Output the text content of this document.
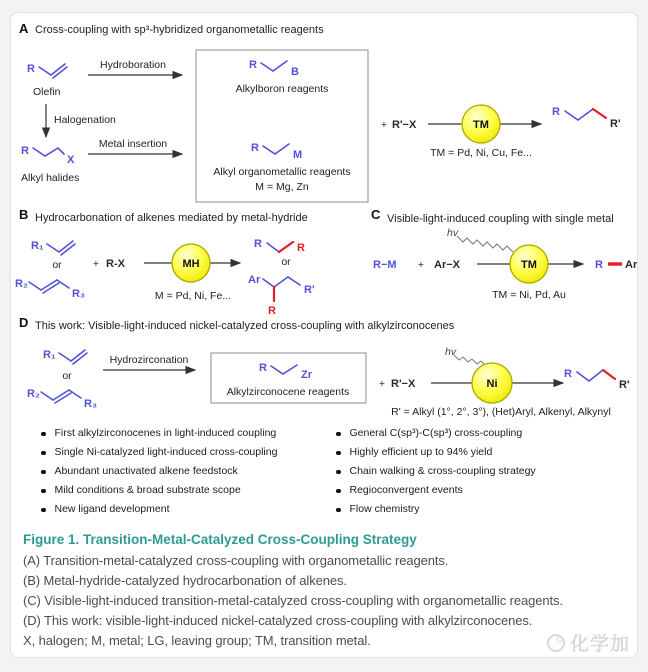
A Cross-coupling with sp³-hybridized organometallic reagents
R
Olefin
Hydroboration
Halogenation
R
X
Alkyl halides
Metal insertion
R
B
Alkylboron reagents
R
M
Alkyl organometallic reagents
M = Mg, Zn
+ R'−X	TM
TM = Pd, Ni, Cu, Fe...
R
R'
B Hydrocarbonation of alkenes mediated by metal-hydride
R₁
or
R₂
R₃
+ R-X	MH
M = Pd, Ni, Fe...
R	R
or
Ar
R'
R
C Visible-light-induced coupling with single metal
hv
R−M + Ar−X	TM
TM = Ni, Pd, Au
R Ar
D This work: Visible-light-induced nickel-catalyzed cross-coupling with alkylzirconocenes
R₁
or
R₂
R₃
Hydrozirconation
R
Zr
Alkylzirconocene reagents
+ R'−X
hv
Ni
R
R'
R' = Alkyl (1°, 2°, 3°), (Het)Aryl, Alkenyl, Alkynyl
First alkylzirconocenes in light-induced coupling
Single Ni-catalyzed light-induced cross-coupling
Abundant unactivated alkene feedstock
Mild conditions & broad substrate scope
New ligand development
General C(sp³)-C(sp³) cross-coupling
Highly efficient up to 94% yield
Chain walking & cross-coupling strategy
Regioconvergent events
Flow chemistry
Figure 1. Transition-Metal-Catalyzed Cross-Coupling Strategy
(A) Transition-metal-catalyzed cross-coupling with organometallic reagents.
(B) Metal-hydride-catalyzed hydrocarbonation of alkenes.
(C) Visible-light-induced transition-metal-catalyzed cross-coupling with organometallic reagents.
(D) This work: visible-light-induced nickel-catalyzed cross-coupling with alkylzirconocenes.
X, halogen; M, metal; LG, leaving group; TM, transition metal.	化学加
